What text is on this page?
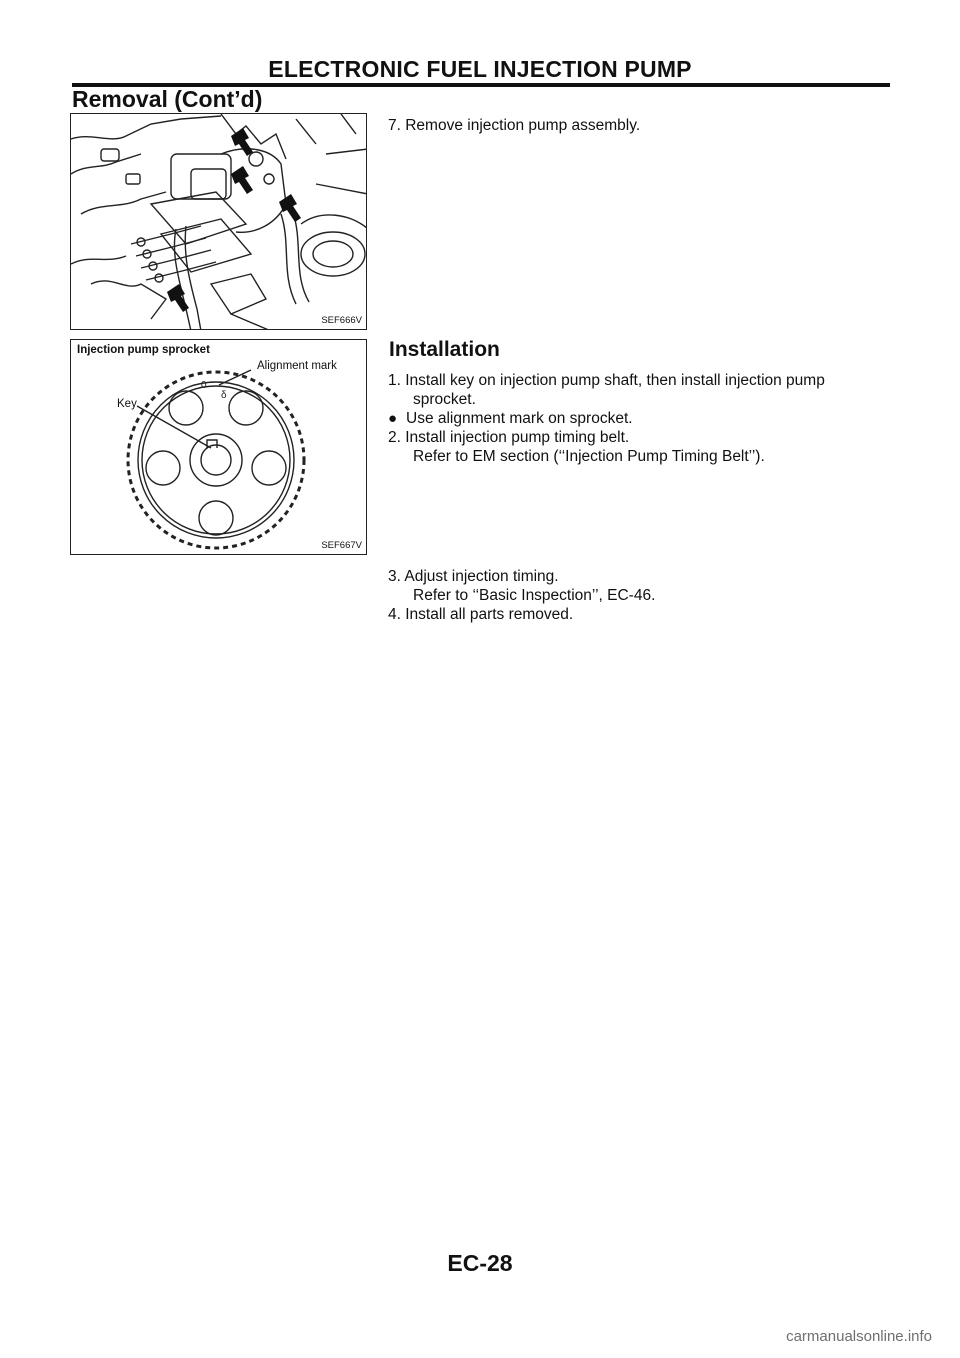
ELECTRONIC FUEL INJECTION PUMP
Removal (Cont’d)
SEF666V
0
δ
Injection pump sprocket
Alignment mark
Key
SEF667V
7. Remove injection pump assembly.
Installation

1. Install key on injection pump shaft, then install injection pump

sprocket.

● Use alignment mark on sprocket.

2. Install injection pump timing belt.

Refer to EM section (‘‘Injection Pump Timing Belt’’).

3. Adjust injection timing.

Refer to ‘‘Basic Inspection’’, EC-46.

4. Install all parts removed.

EC-28
carmanualsonline.info
